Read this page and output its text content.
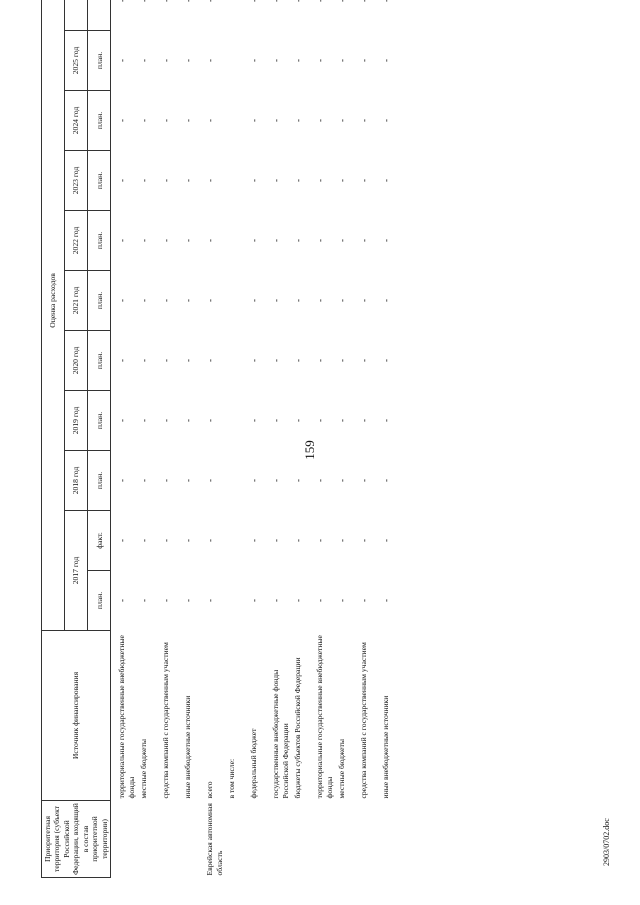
159
Приоритетная территория (субъект Российской Федерации, входящий в состав приоритетной территории)	Источник финансирования	Оценка расходов										
		2017 год		2018 год	2019 год	2020 год	2021 год	2022 год	2023 год	2024 год	2025 год	
		план.	факт.	план.	план.	план.	план.	план.	план.	план.	план.	
	территориальные государственные внебюджетные фонды	-	-	-	-	-	-	-	-	-	-	-
	местные бюджеты	-	-	-	-	-	-	-	-	-	-	-
	средства компаний с государственным участием	-	-	-	-	-	-	-	-	-	-	-
	иные внебюджетные источники	-	-	-	-	-	-	-	-	-	-	-
Еврейская автономная область	всего	-	-	-	-	-	-	-	-	-	-	-
	в том числе:											
	федеральный бюджет	-	-	-	-	-	-	-	-	-	-	-
	государственные внебюджетные фонды Российской Федерации	-	-	-	-	-	-	-	-	-	-	-
	бюджеты субъектов Российской Федерации	-	-	-	-	-	-	-	-	-	-	-
	территориальные государственные внебюджетные фонды	-	-	-	-	-	-	-	-	-	-	-
	местные бюджеты	-	-	-	-	-	-	-	-	-	-	-
	средства компаний с государственным участием	-	-	-	-	-	-	-	-	-	-	-
	иные внебюджетные источники	-	-	-	-	-	-	-	-	-	-	-
2903/0702.doc
